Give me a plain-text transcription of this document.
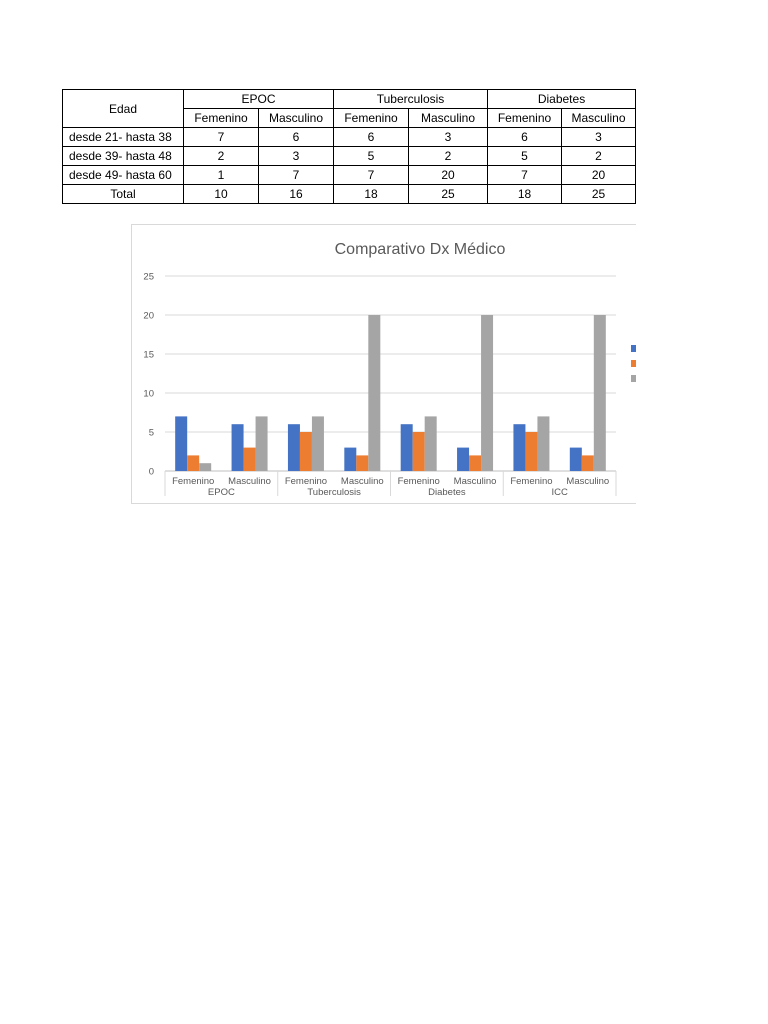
Edad	EPOC		Tuberculosis		Diabetes	
	Femenino	Masculino	Femenino	Masculino	Femenino	Masculino
desde 21- hasta 38	7	6	6	3	6	3
desde 39- hasta 48	2	3	5	2	5	2
desde 49- hasta 60	1	7	7	20	7	20
Total	10	16	18	25	18	25
Comparativo Dx Médico
0
5
10
15
20
25
Femenino Masculino
EPOC
Femenino Masculino
Tuberculosis
Femenino Masculino
Diabetes
Femenino Masculino
ICC
